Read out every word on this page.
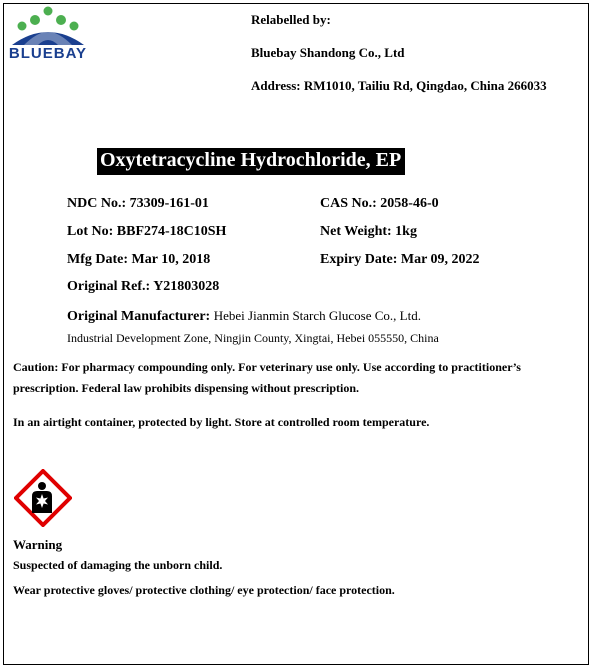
BLUEBAY
Relabelled by:
Bluebay Shandong Co., Ltd
Address: RM1010, Tailiu Rd, Qingdao, China 266033
Oxytetracycline Hydrochloride, EP
NDC No.: 73309-161-01	CAS No.: 2058-46-0
Lot No: BBF274-18C10SH	Net Weight: 1kg
Mfg Date: Mar 10, 2018	Expiry Date: Mar 09, 2022
Original Ref.: Y21803028
Original Manufacturer: Hebei Jianmin Starch Glucose Co., Ltd.
Industrial Development Zone, Ningjin County, Xingtai, Hebei 055550, China
Caution: For pharmacy compounding only. For veterinary use only. Use according to practitioner’s
prescription. Federal law prohibits dispensing without prescription.
In an airtight container, protected by light. Store at controlled room temperature.
Warning
Suspected of damaging the unborn child.
Wear protective gloves/ protective clothing/ eye protection/ face protection.
